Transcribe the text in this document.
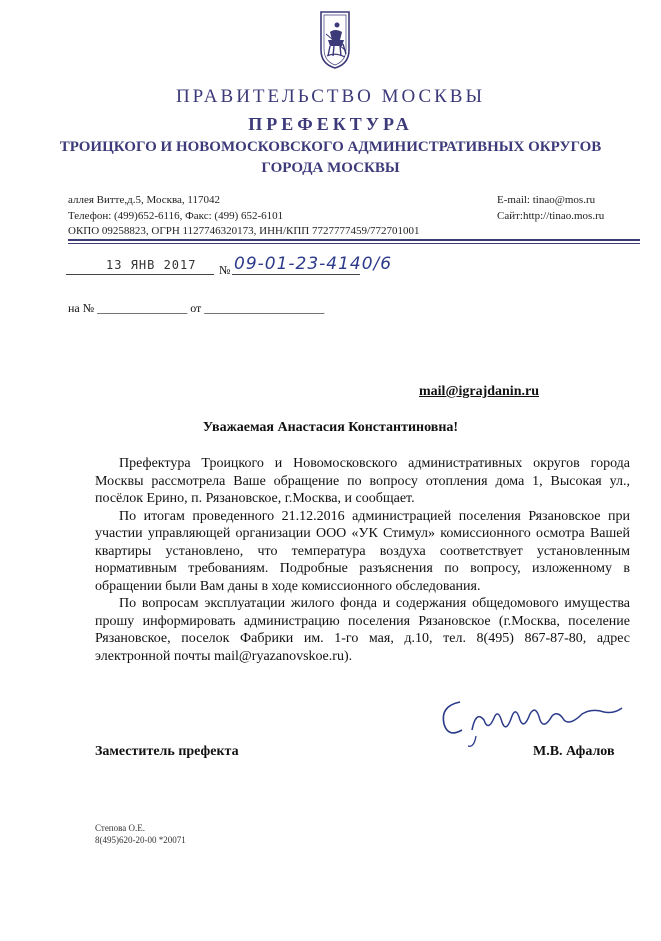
ПРАВИТЕЛЬСТВО МОСКВЫ
ПРЕФЕКТУРА
ТРОИЦКОГО И НОВОМОСКОВСКОГО АДМИНИСТРАТИВНЫХ ОКРУГОВ
ГОРОДА МОСКВЫ
аллея Витте,д.5, Москва, 117042
Телефон: (499)652-6116, Факс: (499) 652-6101
ОКПО 09258823, ОГРН 1127746320173, ИНН/КПП 7727777459/772701001
E-mail: tinao@mos.ru
Сайт:http://tinao.mos.ru
13 ЯНВ 2017 № 09-01-23-4140/6
на № _______________ от ____________________
mail@igrajdanin.ru
Уважаемая Анастасия Константиновна!

Префектура Троицкого и Новомосковского административных округов города Москвы рассмотрела Ваше обращение по вопросу отопления дома 1, Высокая ул., посёлок Ерино, п. Рязановское, г.Москва, и сообщает.

По итогам проведенного 21.12.2016 администрацией поселения Рязановское при участии управляющей организации ООО «УК Стимул» комиссионного осмотра Вашей квартиры установлено, что температура воздуха соответствует установленным нормативным требованиям. Подробные разъяснения по вопросу, изложенному в обращении были Вам даны в ходе комиссионного обследования.

По вопросам эксплуатации жилого фонда и содержания общедомового имущества прошу информировать администрацию поселения Рязановское (г.Москва, поселение Рязановское, поселок Фабрики им. 1-го мая, д.10, тел. 8(495) 867-87-80, адрес электронной почты mail@ryazanovskoe.ru).

Заместитель префекта	М.В. Афалов
Степова О.Е.
8(495)620-20-00 *20071
